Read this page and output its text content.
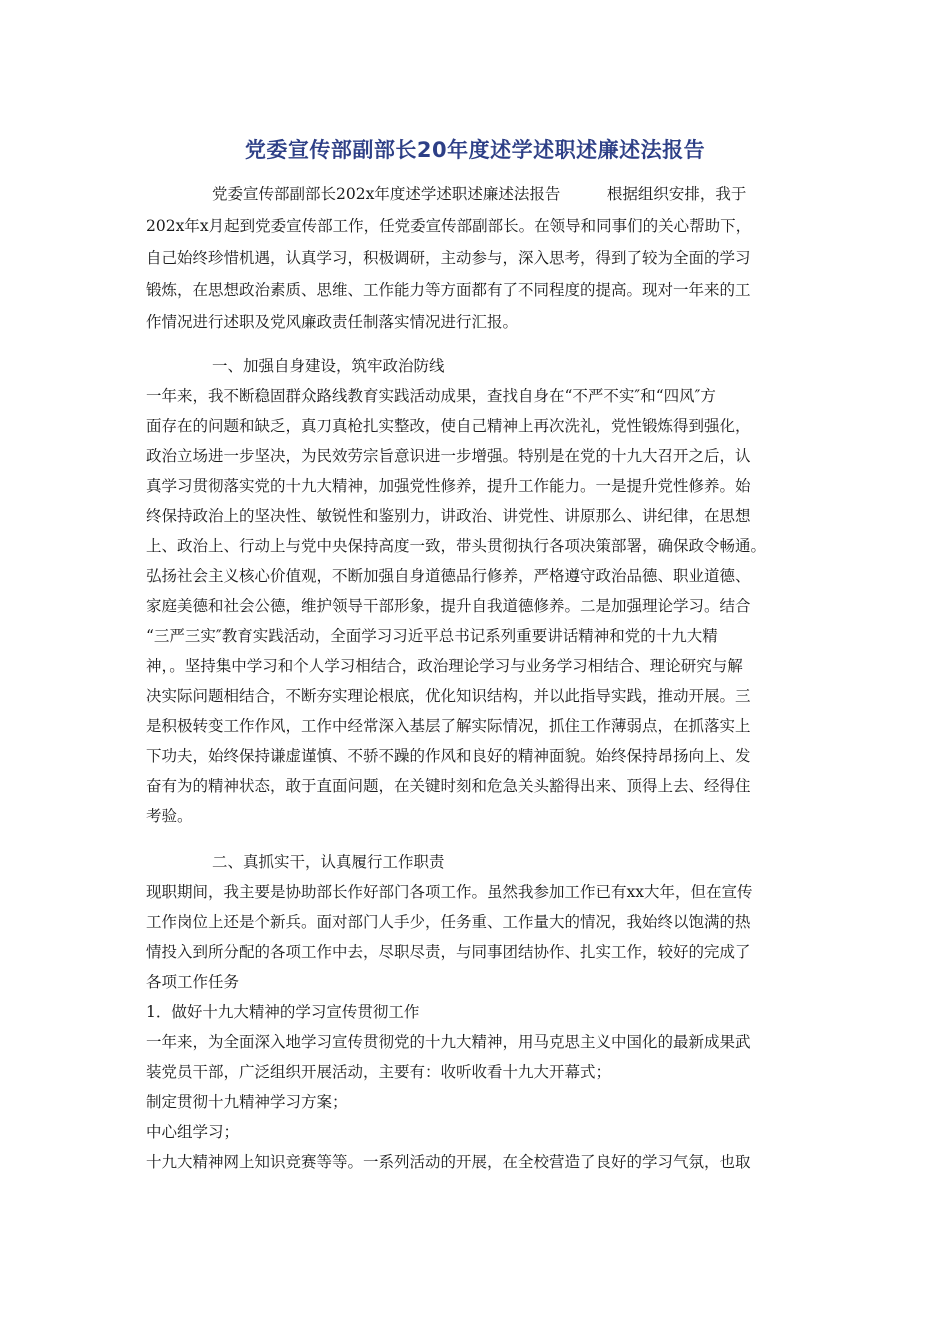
党委宣传部副部长20年度述学述职述廉述法报告
党委宣传部副部长202x年度述学述职述廉述法报告　　　根据组织安排，我于
202x年x月起到党委宣传部工作，任党委宣传部副部长。在领导和同事们的关心帮助下，
自己始终珍惜机遇，认真学习，积极调研，主动参与，深入思考，得到了较为全面的学习
锻炼，在思想政治素质、思维、工作能力等方面都有了不同程度的提高。现对一年来的工
作情况进行述职及党风廉政责任制落实情况进行汇报。
一、加强自身建设，筑牢政治防线
一年来，我不断稳固群众路线教育实践活动成果，查找自身在“不严不实″和“四风″方
面存在的问题和缺乏，真刀真枪扎实整改，使自己精神上再次洗礼，党性锻炼得到强化，
政治立场进一步坚决，为民效劳宗旨意识进一步增强。特别是在党的十九大召开之后，认
真学习贯彻落实党的十九大精神，加强党性修养，提升工作能力。一是提升党性修养。始
终保持政治上的坚决性、敏锐性和鉴别力，讲政治、讲党性、讲原那么、讲纪律，在思想
上、政治上、行动上与党中央保持高度一致，带头贯彻执行各项决策部署，确保政令畅通。
弘扬社会主义核心价值观，不断加强自身道德品行修养，严格遵守政治品德、职业道德、
家庭美德和社会公德，维护领导干部形象，提升自我道德修养。二是加强理论学习。结合
“三严三实″教育实践活动，全面学习习近平总书记系列重要讲话精神和党的十九大精
神，。坚持集中学习和个人学习相结合，政治理论学习与业务学习相结合、理论研究与解
决实际问题相结合，不断夯实理论根底，优化知识结构，并以此指导实践，推动开展。三
是积极转变工作作风，工作中经常深入基层了解实际情况，抓住工作薄弱点，在抓落实上
下功夫，始终保持谦虚谨慎、不骄不躁的作风和良好的精神面貌。始终保持昂扬向上、发
奋有为的精神状态，敢于直面问题，在关键时刻和危急关头豁得出来、顶得上去、经得住
考验。
二、真抓实干，认真履行工作职责
现职期间，我主要是协助部长作好部门各项工作。虽然我参加工作已有xx大年，但在宣传
工作岗位上还是个新兵。面对部门人手少，任务重、工作量大的情况，我始终以饱满的热
情投入到所分配的各项工作中去，尽职尽责，与同事团结协作、扎实工作，较好的完成了
各项工作任务
1．做好十九大精神的学习宣传贯彻工作
一年来，为全面深入地学习宣传贯彻党的十九大精神，用马克思主义中国化的最新成果武
装党员干部，广泛组织开展活动，主要有：收听收看十九大开幕式；
制定贯彻十九精神学习方案；
中心组学习；
十九大精神网上知识竞赛等等。一系列活动的开展，在全校营造了良好的学习气氛，也取
